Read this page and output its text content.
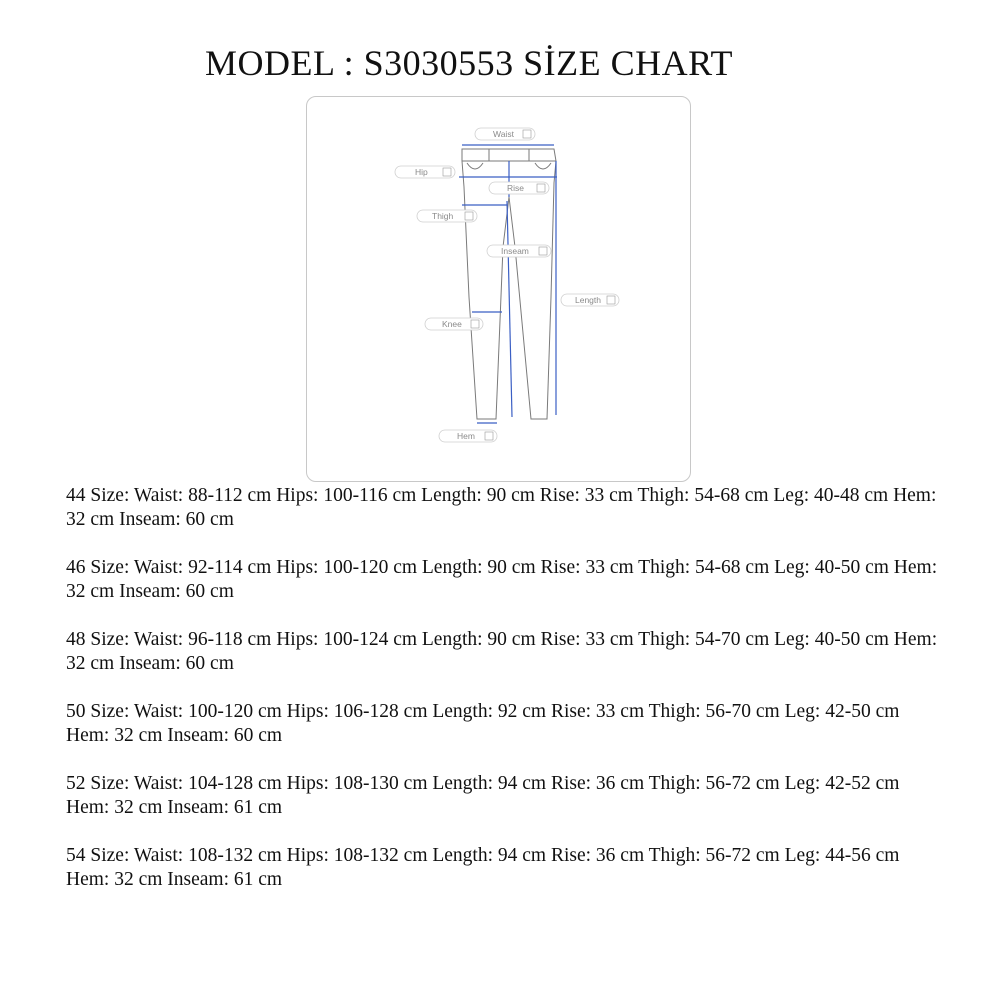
MODEL : S3030553 SİZE CHART
Waist
Hip
Rise
Thigh
Inseam
Length
Knee
Hem
44 Size: Waist: 88-112 cm Hips: 100-116 cm Length: 90 cm Rise: 33 cm Thigh: 54-68 cm Leg: 40-48 cm Hem: 32 cm Inseam: 60 cm
46 Size: Waist: 92-114 cm Hips: 100-120 cm Length: 90 cm Rise: 33 cm Thigh: 54-68 cm Leg: 40-50 cm Hem: 32 cm Inseam: 60 cm
48 Size: Waist: 96-118 cm Hips: 100-124 cm Length: 90 cm Rise: 33 cm Thigh: 54-70 cm Leg: 40-50 cm Hem: 32 cm Inseam: 60 cm
50 Size: Waist: 100-120 cm Hips: 106-128 cm Length: 92 cm Rise: 33 cm Thigh: 56-70 cm Leg: 42-50 cm Hem: 32 cm Inseam: 60 cm
52 Size: Waist: 104-128 cm Hips: 108-130 cm Length: 94 cm Rise: 36 cm Thigh: 56-72 cm Leg: 42-52 cm Hem: 32 cm Inseam: 61 cm
54 Size: Waist: 108-132 cm Hips: 108-132 cm Length: 94 cm Rise: 36 cm Thigh: 56-72 cm Leg: 44-56 cm Hem: 32 cm Inseam: 61 cm
